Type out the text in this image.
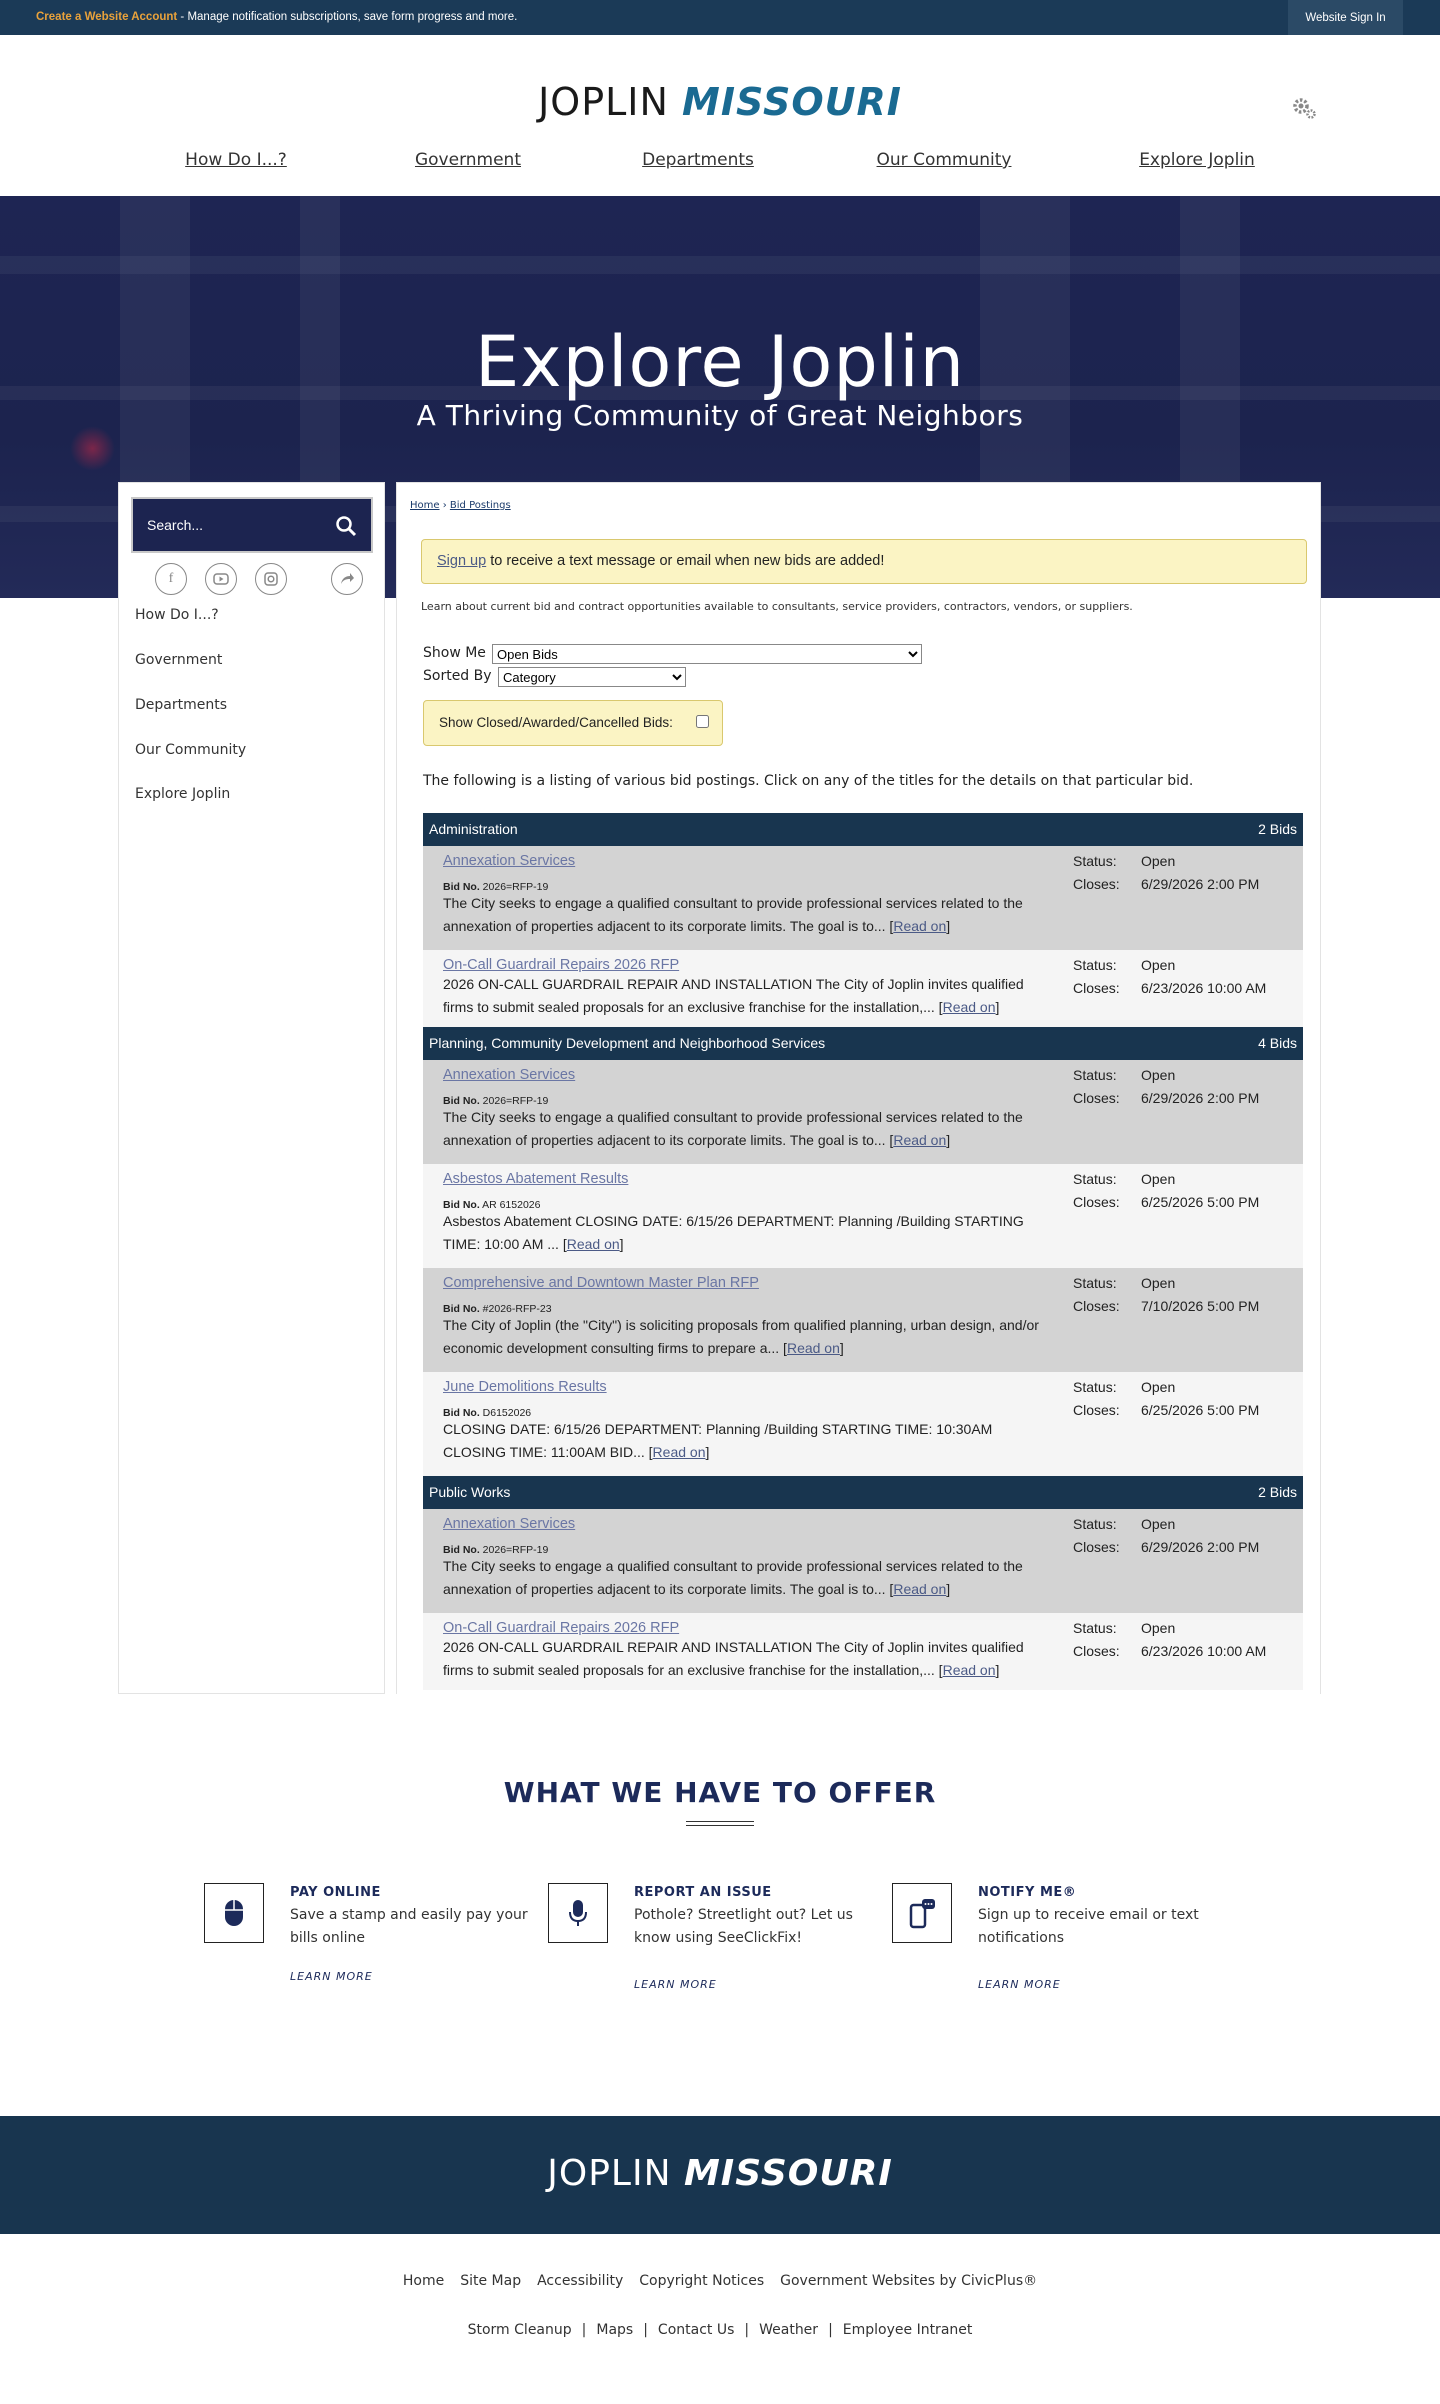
Create a Website Account - Manage notification subscriptions, save form progress and more.	Website Sign In
JOPLIN MISSOURI
How Do I...?	Government	Departments	Our Community	Explore Joplin
Explore Joplin
A Thriving Community of Great Neighbors
Search...
f
How Do I...?
Government
Departments
Our Community
Explore Joplin
Home › Bid Postings
Sign up to receive a text message or email when new bids are added!
Learn about current bid and contract opportunities available to consultants, service providers, contractors, vendors, or suppliers.
Show Me
Open Bids
Sorted By
Category
Show Closed/Awarded/Cancelled Bids:
The following is a listing of various bid postings. Click on any of the titles for the details on that particular bid.
Administration	2 Bids
Annexation Services
Bid No. 2026=RFP-19
The City seeks to engage a qualified consultant to provide professional services related to the
annexation of properties adjacent to its corporate limits. The goal is to... [Read on]
Status: Open
Closes: 6/29/2026 2:00 PM
On-Call Guardrail Repairs 2026 RFP
2026 ON-CALL GUARDRAIL REPAIR AND INSTALLATION The City of Joplin invites qualified
firms to submit sealed proposals for an exclusive franchise for the installation,... [Read on]
Status: Open
Closes: 6/23/2026 10:00 AM
Planning, Community Development and Neighborhood Services	4 Bids
Annexation Services
Bid No. 2026=RFP-19
The City seeks to engage a qualified consultant to provide professional services related to the
annexation of properties adjacent to its corporate limits. The goal is to... [Read on]
Status: Open
Closes: 6/29/2026 2:00 PM
Asbestos Abatement Results
Bid No. AR 6152026
Asbestos Abatement CLOSING DATE: 6/15/26 DEPARTMENT: Planning /Building STARTING
TIME: 10:00 AM ... [Read on]
Status: Open
Closes: 6/25/2026 5:00 PM
Comprehensive and Downtown Master Plan RFP
Bid No. #2026-RFP-23
The City of Joplin (the "City") is soliciting proposals from qualified planning, urban design, and/or
economic development consulting firms to prepare a... [Read on]
Status: Open
Closes: 7/10/2026 5:00 PM
June Demolitions Results
Bid No. D6152026
CLOSING DATE: 6/15/26 DEPARTMENT: Planning /Building STARTING TIME: 10:30AM
CLOSING TIME: 11:00AM BID... [Read on]
Status: Open
Closes: 6/25/2026 5:00 PM
Public Works	2 Bids
Annexation Services
Bid No. 2026=RFP-19
The City seeks to engage a qualified consultant to provide professional services related to the
annexation of properties adjacent to its corporate limits. The goal is to... [Read on]
Status: Open
Closes: 6/29/2026 2:00 PM
On-Call Guardrail Repairs 2026 RFP
2026 ON-CALL GUARDRAIL REPAIR AND INSTALLATION The City of Joplin invites qualified
firms to submit sealed proposals for an exclusive franchise for the installation,... [Read on]
Status: Open
Closes: 6/23/2026 10:00 AM
WHAT WE HAVE TO OFFER
PAY ONLINE
Save a stamp and easily pay your bills online
LEARN MORE
REPORT AN ISSUE
Pothole? Streetlight out? Let us know using SeeClickFix!
LEARN MORE
NOTIFY ME®
Sign up to receive email or text notifications
LEARN MORE
JOPLIN MISSOURI
Home Site Map Accessibility Copyright Notices Government Websites by CivicPlus®
Storm Cleanup | Maps | Contact Us | Weather | Employee Intranet
